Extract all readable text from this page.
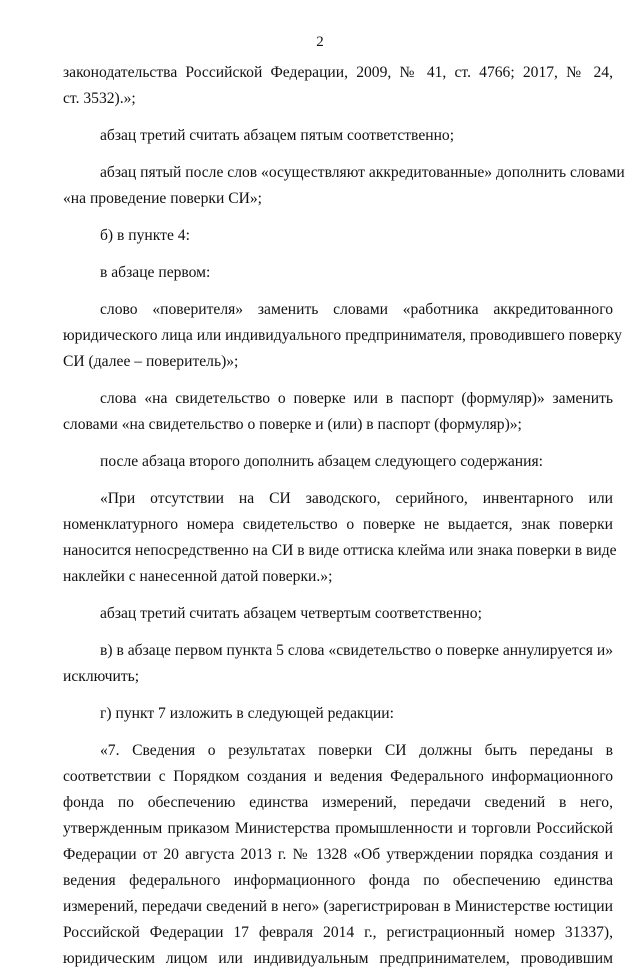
2
законодательства Российской Федерации, 2009, № 41, ст. 4766; 2017, № 24,
ст. 3532).»;
абзац третий считать абзацем пятым соответственно;
абзац пятый после слов «осуществляют аккредитованные» дополнить словами
«на проведение поверки СИ»;
б) в пункте 4:
в абзаце первом:
слово «поверителя» заменить словами «работника аккредитованного
юридического лица или индивидуального предпринимателя, проводившего поверку
СИ (далее – поверитель)»;
слова «на свидетельство о поверке или в паспорт (формуляр)» заменить
словами «на свидетельство о поверке и (или) в паспорт (формуляр)»;
после абзаца второго дополнить абзацем следующего содержания:
«При отсутствии на СИ заводского, серийного, инвентарного или
номенклатурного номера свидетельство о поверке не выдается, знак поверки
наносится непосредственно на СИ в виде оттиска клейма или знака поверки в виде
наклейки с нанесенной датой поверки.»;
абзац третий считать абзацем четвертым соответственно;
в) в абзаце первом пункта 5 слова «свидетельство о поверке аннулируется и»
исключить;
г) пункт 7 изложить в следующей редакции:
«7. Сведения о результатах поверки СИ должны быть переданы в
соответствии с Порядком создания и ведения Федерального информационного
фонда по обеспечению единства измерений, передачи сведений в него,
утвержденным приказом Министерства промышленности и торговли Российской
Федерации от 20 августа 2013 г. № 1328 «Об утверждении порядка создания и
ведения федерального информационного фонда по обеспечению единства
измерений, передачи сведений в него» (зарегистрирован в Министерстве юстиции
Российской Федерации 17 февраля 2014 г., регистрационный номер 31337),
юридическим лицом или индивидуальным предпринимателем, проводившим
